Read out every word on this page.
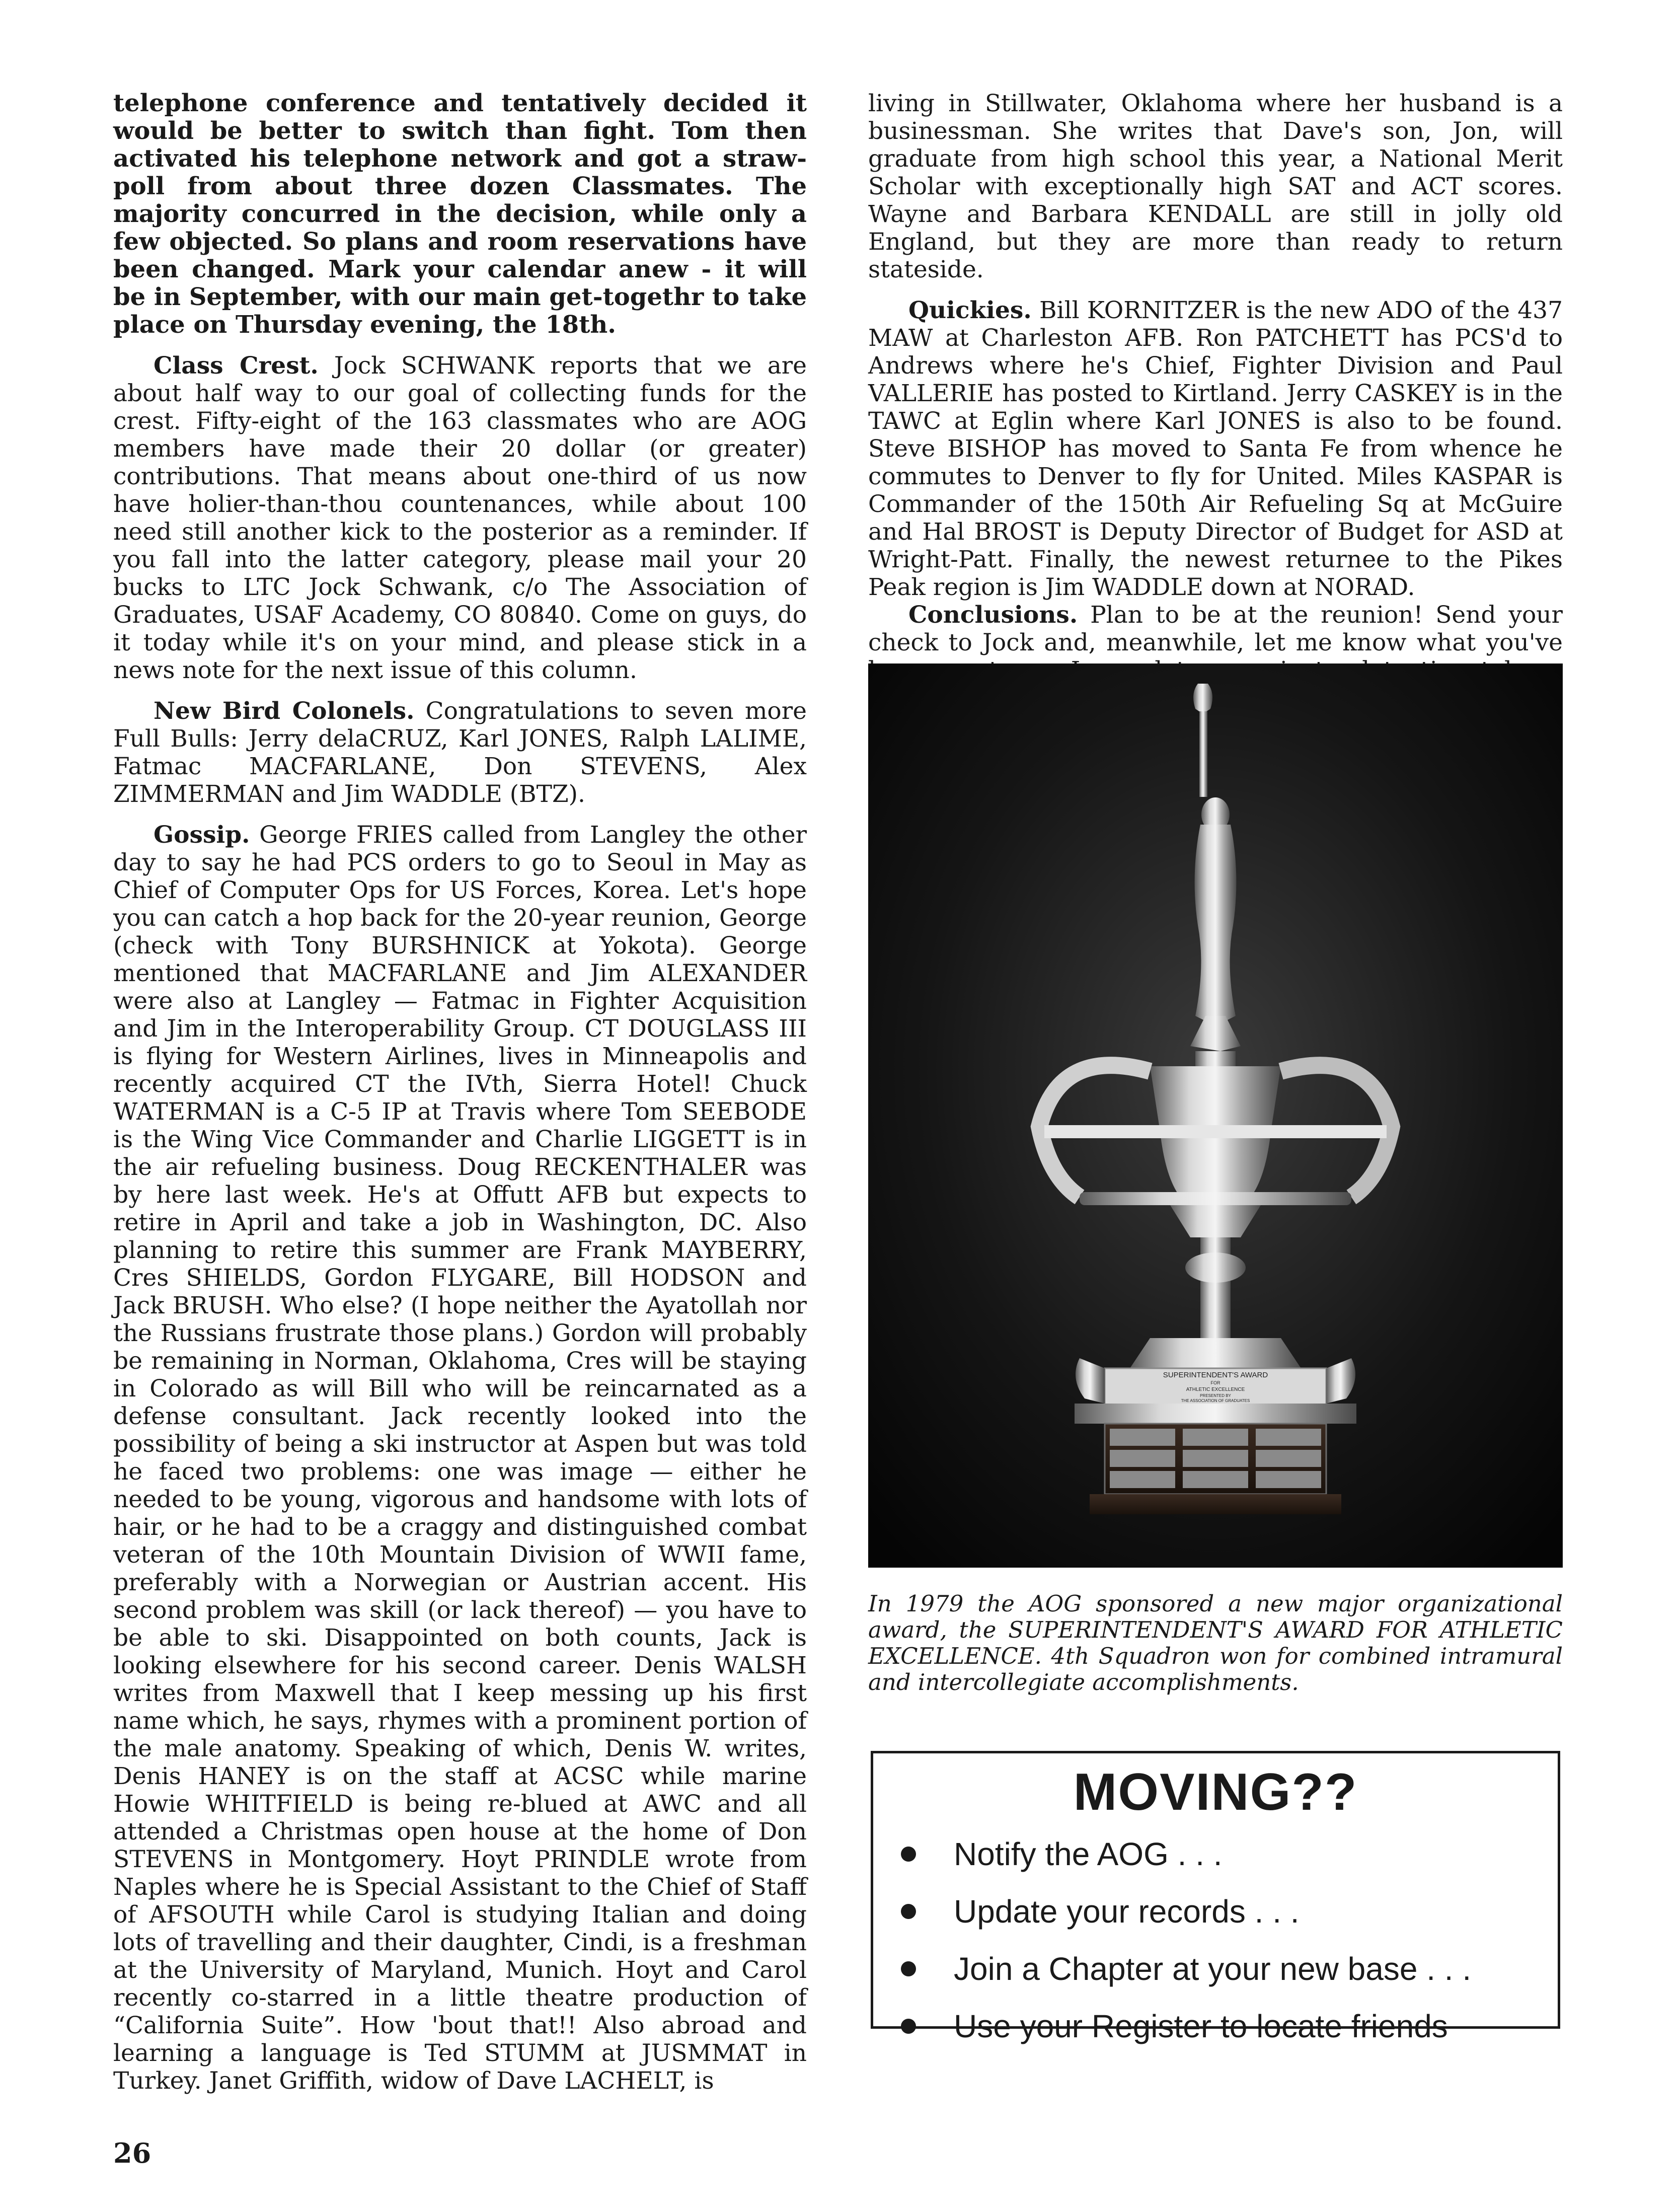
telephone conference and tentatively decided it would be better to switch than fight. Tom then activated his telephone network and got a straw-poll from about three dozen Classmates. The majority concurred in the decision, while only a few objected. So plans and room reservations have been changed. Mark your calendar anew - it will be in September, with our main get-togethr to take place on Thursday evening, the 18th.

Class Crest. Jock SCHWANK reports that we are about half way to our goal of collecting funds for the crest. Fifty-eight of the 163 classmates who are AOG members have made their 20 dollar (or greater) contributions. That means about one-third of us now have holier-than-thou countenances, while about 100 need still another kick to the posterior as a reminder. If you fall into the latter category, please mail your 20 bucks to LTC Jock Schwank, c/o The Association of Graduates, USAF Academy, CO 80840. Come on guys, do it today while it's on your mind, and please stick in a news note for the next issue of this column.

New Bird Colonels. Congratulations to seven more Full Bulls: Jerry delaCRUZ, Karl JONES, Ralph LALIME, Fatmac MACFARLANE, Don STEVENS, Alex ZIMMERMAN and Jim WADDLE (BTZ).

Gossip. George FRIES called from Langley the other day to say he had PCS orders to go to Seoul in May as Chief of Computer Ops for US Forces, Korea. Let's hope you can catch a hop back for the 20-year reunion, George (check with Tony BURSHNICK at Yokota). George mentioned that MACFARLANE and Jim ALEXANDER were also at Langley — Fatmac in Fighter Acquisition and Jim in the Interoperability Group. CT DOUGLASS III is flying for Western Airlines, lives in Minneapolis and recently acquired CT the IVth, Sierra Hotel! Chuck WATERMAN is a C-5 IP at Travis where Tom SEEBODE is the Wing Vice Commander and Charlie LIGGETT is in the air refueling business. Doug RECKENTHALER was by here last week. He's at Offutt AFB but expects to retire in April and take a job in Washington, DC. Also planning to retire this summer are Frank MAYBERRY, Cres SHIELDS, Gordon FLYGARE, Bill HODSON and Jack BRUSH. Who else? (I hope neither the Ayatollah nor the Russians frustrate those plans.) Gordon will probably be remaining in Norman, Oklahoma, Cres will be staying in Colorado as will Bill who will be reincarnated as a defense consultant. Jack recently looked into the possibility of being a ski instructor at Aspen but was told he faced two problems: one was image — either he needed to be young, vigorous and handsome with lots of hair, or he had to be a craggy and distinguished combat veteran of the 10th Mountain Division of WWII fame, preferably with a Norwegian or Austrian accent. His second problem was skill (or lack thereof) — you have to be able to ski. Disappointed on both counts, Jack is looking elsewhere for his second career. Denis WALSH writes from Maxwell that I keep messing up his first name which, he says, rhymes with a prominent portion of the male anatomy. Speaking of which, Denis W. writes, Denis HANEY is on the staff at ACSC while marine Howie WHITFIELD is being re-blued at AWC and all attended a Christmas open house at the home of Don STEVENS in Montgomery. Hoyt PRINDLE wrote from Naples where he is Special Assistant to the Chief of Staff of AFSOUTH while Carol is studying Italian and doing lots of travelling and their daughter, Cindi, is a freshman at the University of Maryland, Munich. Hoyt and Carol recently co-starred in a little theatre production of “California Suite”. How 'bout that!! Also abroad and learning a language is Ted STUMM at JUSMMAT in Turkey. Janet Griffith, widow of Dave LACHELT, is

living in Stillwater, Oklahoma where her husband is a businessman. She writes that Dave's son, Jon, will graduate from high school this year, a National Merit Scholar with exceptionally high SAT and ACT scores. Wayne and Barbara KENDALL are still in jolly old England, but they are more than ready to return stateside.

Quickies. Bill KORNITZER is the new ADO of the 437 MAW at Charleston AFB. Ron PATCHETT has PCS'd to Andrews where he's Chief, Fighter Division and Paul VALLERIE has posted to Kirtland. Jerry CASKEY is in the TAWC at Eglin where Karl JONES is also to be found. Steve BISHOP has moved to Santa Fe from whence he commutes to Denver to fly for United. Miles KASPAR is Commander of the 150th Air Refueling Sq at McGuire and Hal BROST is Deputy Director of Budget for ASD at Wright-Patt. Finally, the newest returnee to the Pikes Peak region is Jim WADDLE down at NORAD.

Conclusions. Plan to be at the reunion! Send your check to Jock and, meanwhile, let me know what you've

SUPERINTENDENT'S AWARD
FOR
ATHLETIC EXCELLENCE
PRESENTED BY
THE ASSOCIATION OF GRADUATES

In 1979 the AOG sponsored a new major organizational award, the SUPERINTENDENT'S AWARD FOR ATHLETIC EXCELLENCE. 4th Squadron won for combined intramural and intercollegiate accomplishments.

MOVING??
Notify the AOG . . .
Update your records . . .
Join a Chapter at your new base . . .
Use your Register to locate friends

26
